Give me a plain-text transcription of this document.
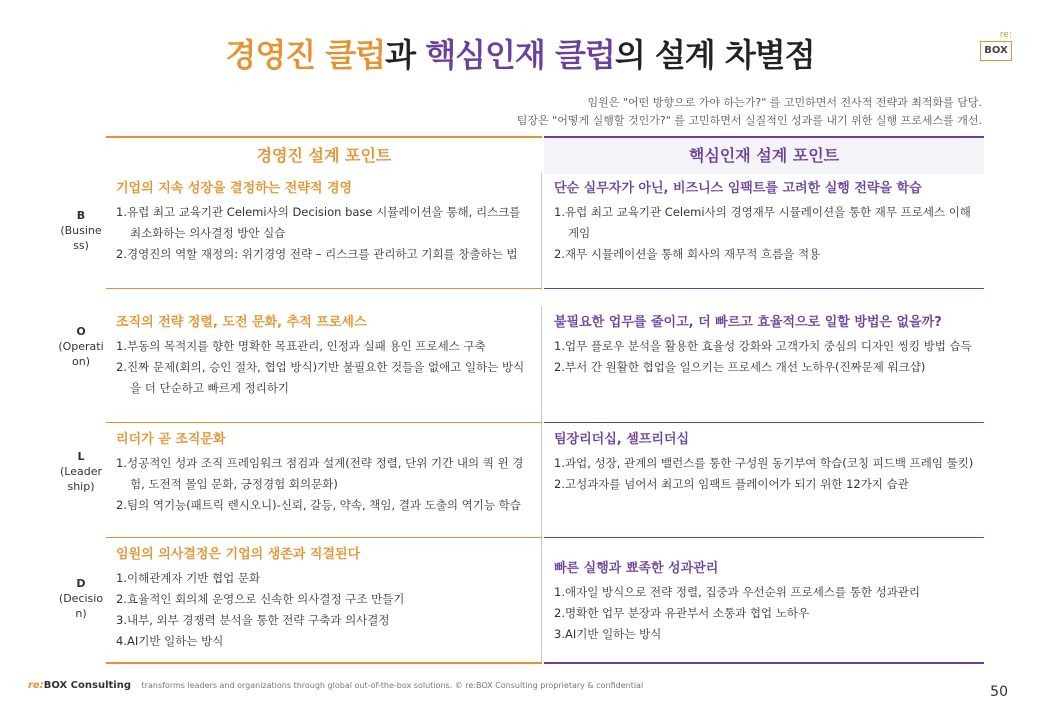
경영진 클럽과 핵심인재 클럽의 설계 차별점
re:
BOX
임원은 "어떤 방향으로 가야 하는가?" 를 고민하면서 전사적 전략과 최적화를 담당.
팀장은 "어떻게 실행할 것인가?" 를 고민하면서 실질적인 성과를 내기 위한 실행 프로세스를 개선.
경영진 설계 포인트	핵심인재 설계 포인트
B
(Business)
기업의 지속 성장을 결정하는 전략적 경영
1.유럽 최고 교육기관 Celemi사의 Decision base 시뮬레이션을 통해, 리스크를 최소화하는 의사결정 방안 실습
2.경영진의 역할 재정의: 위기경영 전략 – 리스크를 관리하고 기회를 창출하는 법
단순 실무자가 아닌, 비즈니스 임팩트를 고려한 실행 전략을 학습
1.유럽 최고 교육기관 Celemi사의 경영재무 시뮬레이션을 통한 재무 프로세스 이해 게임
2.재무 시뮬레이션을 통해 회사의 재무적 흐름을 적용
O
(Operation)
조직의 전략 정렬, 도전 문화, 추적 프로세스
1.부동의 목적지를 향한 명확한 목표관리, 인정과 실패 용인 프로세스 구축
2.진짜 문제(회의, 승인 절차, 협업 방식)기반 불필요한 것들을 없애고 일하는 방식을 더 단순하고 빠르게 정리하기
불필요한 업무를 줄이고, 더 빠르고 효율적으로 일할 방법은 없을까?
1.업무 플로우 분석을 활용한 효율성 강화와 고객가치 중심의 디자인 씽킹 방법 습득
2.부서 간 원활한 협업을 일으키는 프로세스 개선 노하우(진짜문제 워크샵)
L
(Leadership)
리더가 곧 조직문화
1.성공적인 성과 조직 프레임워크 점검과 설계(전략 정렬, 단위 기간 내의 쿽 윈 경험, 도전적 몰입 문화, 긍정경험 회의문화)
2.팀의 역기능(패트릭 렌시오니)-신뢰, 갈등, 약속, 책임, 결과 도출의 역기능 학습
팀장리더십, 셀프리더십
1.과업, 성장, 관계의 밸런스를 통한 구성원 동기부여 학습(코칭 피드백 프레임 툴킷)
2.고성과자를 넘어서 최고의 임팩트 플레이어가 되기 위한 12가지 습관
D
(Decision)
임원의 의사결정은 기업의 생존과 직결된다
1.이해관계자 기반 협업 문화
2.효율적인 회의체 운영으로 신속한 의사결정 구조 만들기
3.내부, 외부 경쟁력 분석을 통한 전략 구축과 의사결정
4.AI기반 일하는 방식
빠른 실행과 뾰족한 성과관리
1.애자일 방식으로 전략 정렬, 집중과 우선순위 프로세스를 통한 성과관리
2.명확한 업무 분장과 유관부서 소통과 협업 노하우
3.AI기반 일하는 방식
re:BOX Consulting transforms leaders and organizations through global out-of-the-box solutions. © re:BOX Consulting proprietary & confidential	50
